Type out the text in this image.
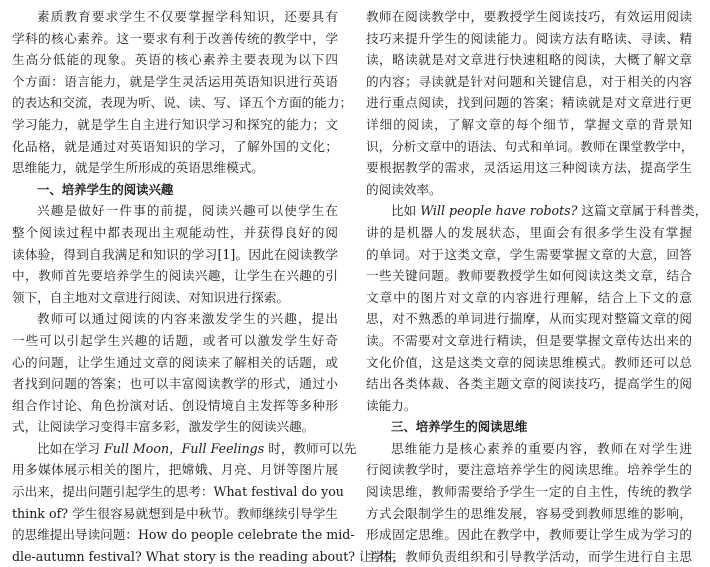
素质教育要求学生不仅要掌握学科知识，还要具有
学科的核心素养。这一要求有利于改善传统的教学中，学
生高分低能的现象。英语的核心素养主要表现为以下四
个方面：语言能力，就是学生灵活运用英语知识进行英语
的表达和交流，表现为听、说、读、写、译五个方面的能力；
学习能力，就是学生自主进行知识学习和探究的能力；文
化品格，就是通过对英语知识的学习，了解外国的文化；
思维能力，就是学生所形成的英语思维模式。
一、培养学生的阅读兴趣
兴趣是做好一件事的前提，阅读兴趣可以使学生在
整个阅读过程中都表现出主观能动性，并获得良好的阅
读体验，得到自我满足和知识的学习[1]。因此在阅读教学
中，教师首先要培养学生的阅读兴趣，让学生在兴趣的引
领下，自主地对文章进行阅读、对知识进行探索。
教师可以通过阅读的内容来激发学生的兴趣，提出
一些可以引起学生兴趣的话题，或者可以激发学生好奇
心的问题，让学生通过文章的阅读来了解相关的话题，或
者找到问题的答案；也可以丰富阅读教学的形式，通过小
组合作讨论、角色扮演对话、创设情境自主发挥等多种形
式，让阅读学习变得丰富多彩，激发学生的阅读兴趣。
比如在学习 Full Moon，Full Feelings 时，教师可以先
用多媒体展示相关的图片，把嫦娥、月亮、月饼等图片展
示出来，提出问题引起学生的思考：What festival do you
think of? 学生很容易就想到是中秋节。教师继续引导学生
的思维提出导读问题：How do people celebrate the mid-
dle-autumn festival? What story is the reading about? 让学生
教师在阅读教学中，要教授学生阅读技巧，有效运用阅读
技巧来提升学生的阅读能力。阅读方法有略读、寻读、精
读，略读就是对文章进行快速粗略的阅读，大概了解文章
的内容；寻读就是针对问题和关键信息，对于相关的内容
进行重点阅读，找到问题的答案；精读就是对文章进行更
详细的阅读，了解文章的每个细节，掌握文章的背景知
识，分析文章中的语法、句式和单词。教师在课堂教学中，
要根据教学的需求，灵活运用这三种阅读方法，提高学生
的阅读效率。
比如 Will people have robots? 这篇文章属于科普类，
讲的是机器人的发展状态，里面会有很多学生没有掌握
的单词。对于这类文章，学生需要掌握文章的大意，回答
一些关键问题。教师要教授学生如何阅读这类文章，结合
文章中的图片对文章的内容进行理解，结合上下文的意
思，对不熟悉的单词进行揣摩，从而实现对整篇文章的阅
读。不需要对文章进行精读，但是要掌握文章传达出来的
文化价值，这是这类文章的阅读思维模式。教师还可以总
结出各类体裁、各类主题文章的阅读技巧，提高学生的阅
读能力。
三、培养学生的阅读思维
思维能力是核心素养的重要内容，教师在对学生进
行阅读教学时，要注意培养学生的阅读思维。培养学生的
阅读思维，教师需要给予学生一定的自主性，传统的教学
方式会限制学生的思维发展，容易受到教师思维的影响，
形成固定思维。因此在教学中，教师要让学生成为学习的
主体，教师负责组织和引导教学活动，而学生进行自主思
